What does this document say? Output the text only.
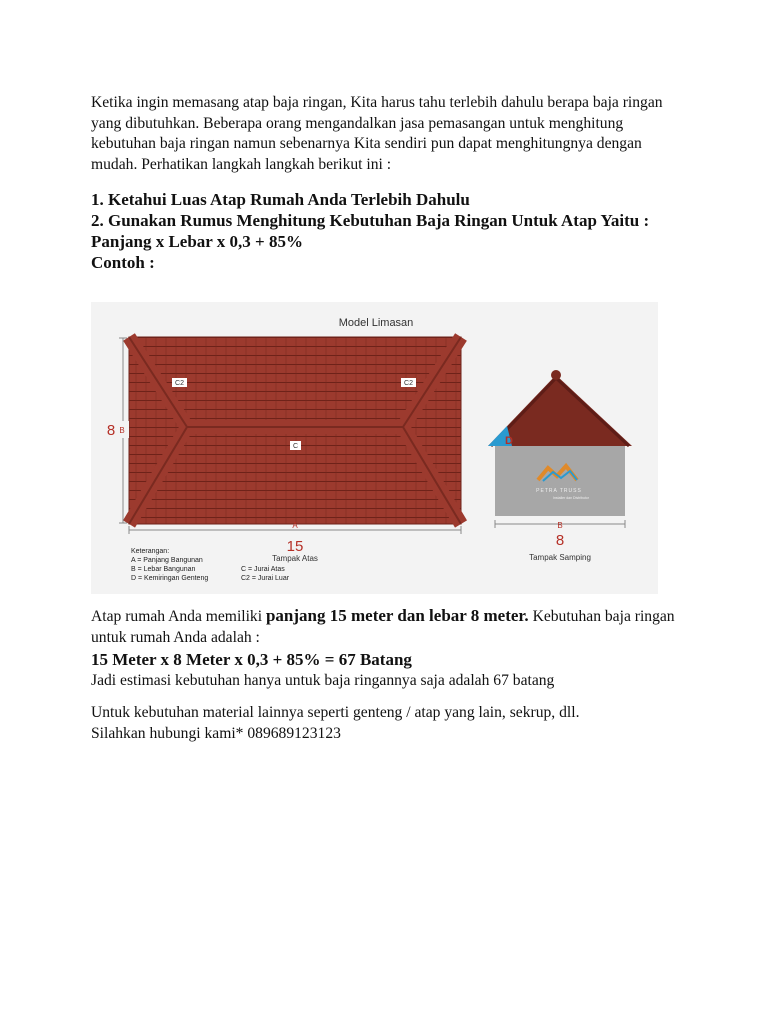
Ketika ingin memasang atap baja ringan, Kita harus tahu terlebih dahulu berapa baja ringan yang dibutuhkan. Beberapa orang mengandalkan jasa pemasangan untuk menghitung kebutuhan baja ringan namun sebenarnya Kita sendiri pun dapat menghitungnya dengan mudah. Perhatikan langkah langkah berikut ini :

1. Ketahui Luas Atap Rumah Anda Terlebih Dahulu
2. Gunakan Rumus Menghitung Kebutuhan Baja Ringan Untuk Atap Yaitu :
Panjang x Lebar x 0,3 + 85%
Contoh :
Model Limasan
C2	C2
C
8 B
A
15
Tampak Atas
D
PETRA TRUSS
Installer dan Distributor
B
8
Tampak Samping
Keterangan:
A = Panjang Bangunan
B = Lebar Bangunan
D = Kemiringan Genteng
C = Jurai Atas
C2 = Jurai Luar

Atap rumah Anda memiliki panjang 15 meter dan lebar 8 meter. Kebutuhan baja ringan untuk rumah Anda adalah :

15 Meter x 8 Meter x 0,3 + 85% = 67 Batang

Jadi estimasi kebutuhan hanya untuk baja ringannya saja adalah 67 batang

Untuk kebutuhan material lainnya seperti genteng / atap yang lain, sekrup, dll.
Silahkan hubungi kami* 089689123123
